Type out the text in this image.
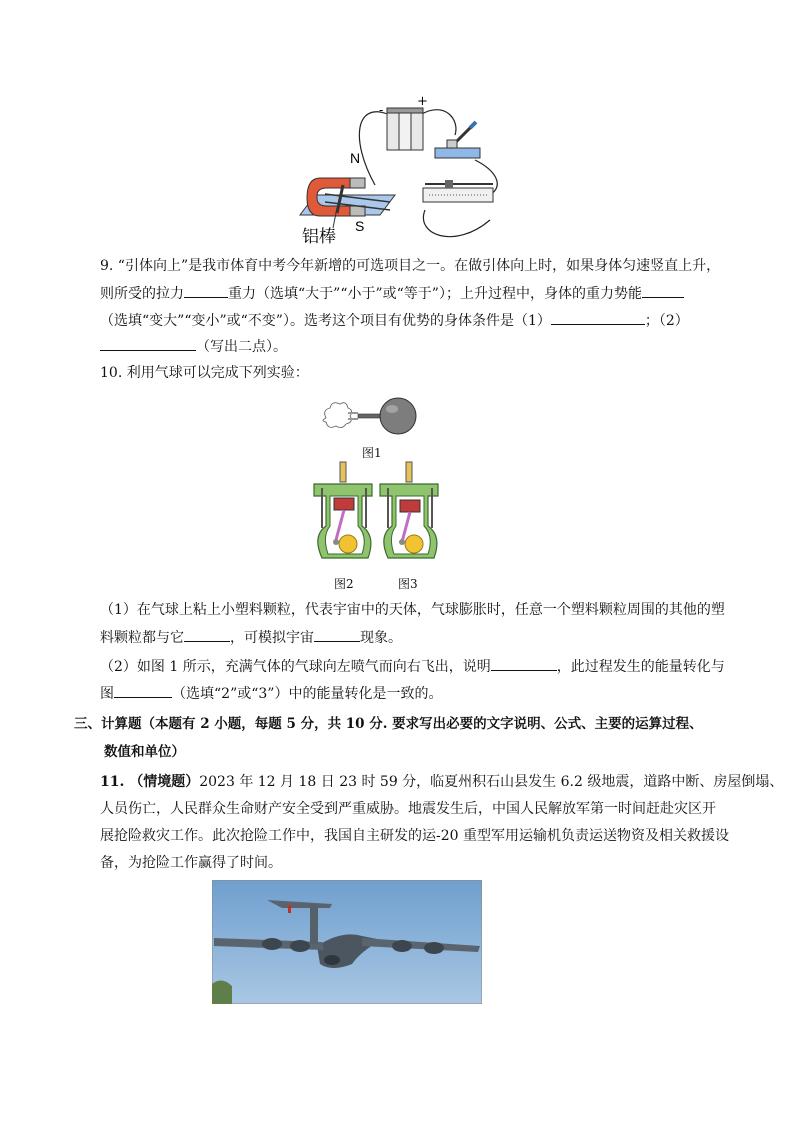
-
+
N
S
铝棒
9. “引体向上”是我市体育中考今年新增的可选项目之一。在做引体向上时，如果身体匀速竖直上升，
则所受的拉力	重力（选填“大于”“小于”或“等于”）；上升过程中，身体的重力势能
（选填“变大”“变小”或“不变”）。选考这个项目有优势的身体条件是（1）	；（2）
（写出二点）。
10. 利用气球可以完成下列实验：
图1
图2	图3
（1）在气球上粘上小塑料颗粒，代表宇宙中的天体，气球膨胀时，任意一个塑料颗粒周围的其他的塑
料颗粒都与它	，可模拟宇宙	现象。
（2）如图 1 所示，充满气体的气球向左喷气而向右飞出，说明	，此过程发生的能量转化与
图	（选填“2”或“3”）中的能量转化是一致的。
三、计算题（本题有 2 小题，每题 5 分，共 10 分. 要求写出必要的文字说明、公式、主要的运算过程、
数值和单位）
11. （情境题）2023 年 12 月 18 日 23 时 59 分，临夏州积石山县发生 6.2 级地震，道路中断、房屋倒塌、
人员伤亡，人民群众生命财产安全受到严重威胁。地震发生后，中国人民解放军第一时间赶赴灾区开
展抢险救灾工作。此次抢险工作中，我国自主研发的运-20 重型军用运输机负责运送物资及相关救援设
备，为抢险工作赢得了时间。
